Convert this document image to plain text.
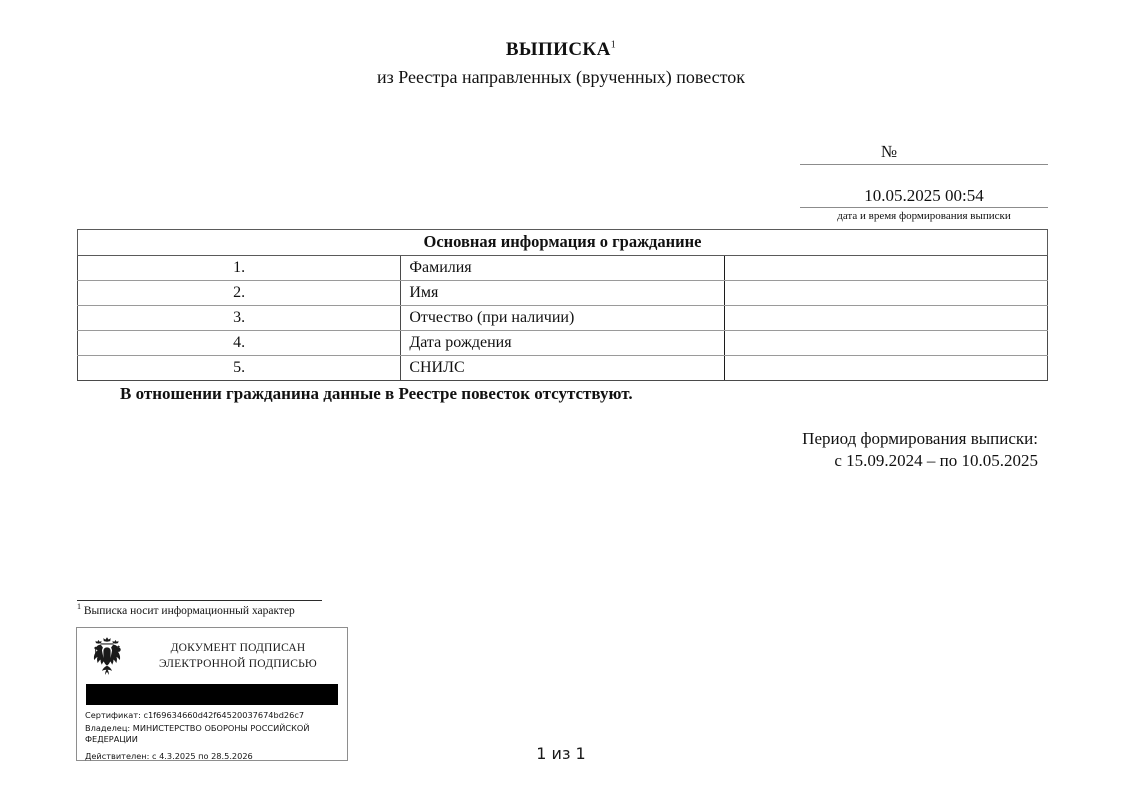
ВЫПИСКА$^1$
из Реестра направленных (врученных) повесток
№
10.05.2025 00:54
дата и время формирования выписки
Основная информация о гражданине		
1.	Фамилия	
2.	Имя	
3.	Отчество (при наличии)	
4.	Дата рождения	
5.	СНИЛС	
В отношении гражданина данные в Реестре повесток отсутствуют.
Период формирования выписки:
с 15.09.2024 – по 10.05.2025
$^1$ Выписка носит информационный характер
ДОКУМЕНТ ПОДПИСАН
ЭЛЕКТРОННОЙ ПОДПИСЬЮ
Сертификат: c1f69634660d42f64520037674bd26c7
Владелец: МИНИСТЕРСТВО ОБОРОНЫ РОССИЙСКОЙ ФЕДЕРАЦИИ
Действителен: с 4.3.2025 по 28.5.2026	1 из 1
